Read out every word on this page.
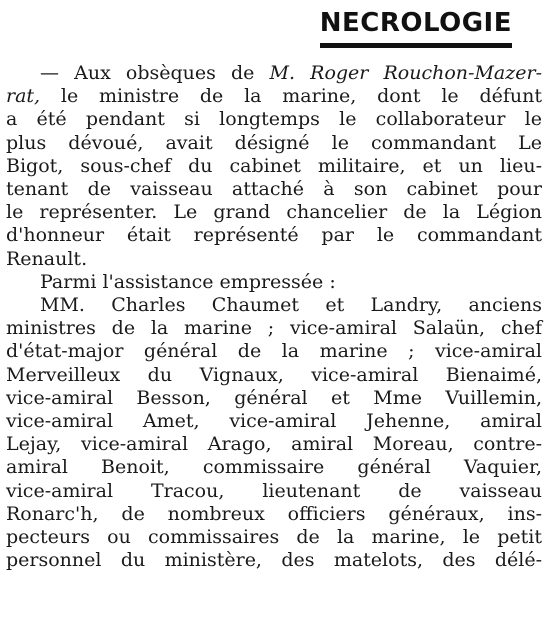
NECROLOGIE
— Aux obsèques de M. Roger Rouchon-Mazer-
rat, le ministre de la marine, dont le défunt
a été pendant si longtemps le collaborateur le
plus dévoué, avait désigné le commandant Le
Bigot, sous-chef du cabinet militaire, et un lieu-
tenant de vaisseau attaché à son cabinet pour
le représenter. Le grand chancelier de la Légion
d'honneur était représenté par le commandant
Renault.
Parmi l'assistance empressée :
MM. Charles Chaumet et Landry, anciens
ministres de la marine ; vice-amiral Salaün, chef
d'état-major général de la marine ; vice-amiral
Merveilleux du Vignaux, vice-amiral Bienaimé,
vice-amiral Besson, général et Mme Vuillemin,
vice-amiral Amet, vice-amiral Jehenne, amiral
Lejay, vice-amiral Arago, amiral Moreau, contre-
amiral Benoit, commissaire général Vaquier,
vice-amiral Tracou, lieutenant de vaisseau
Ronarc'h, de nombreux officiers généraux, ins-
pecteurs ou commissaires de la marine, le petit
personnel du ministère, des matelots, des délé-
